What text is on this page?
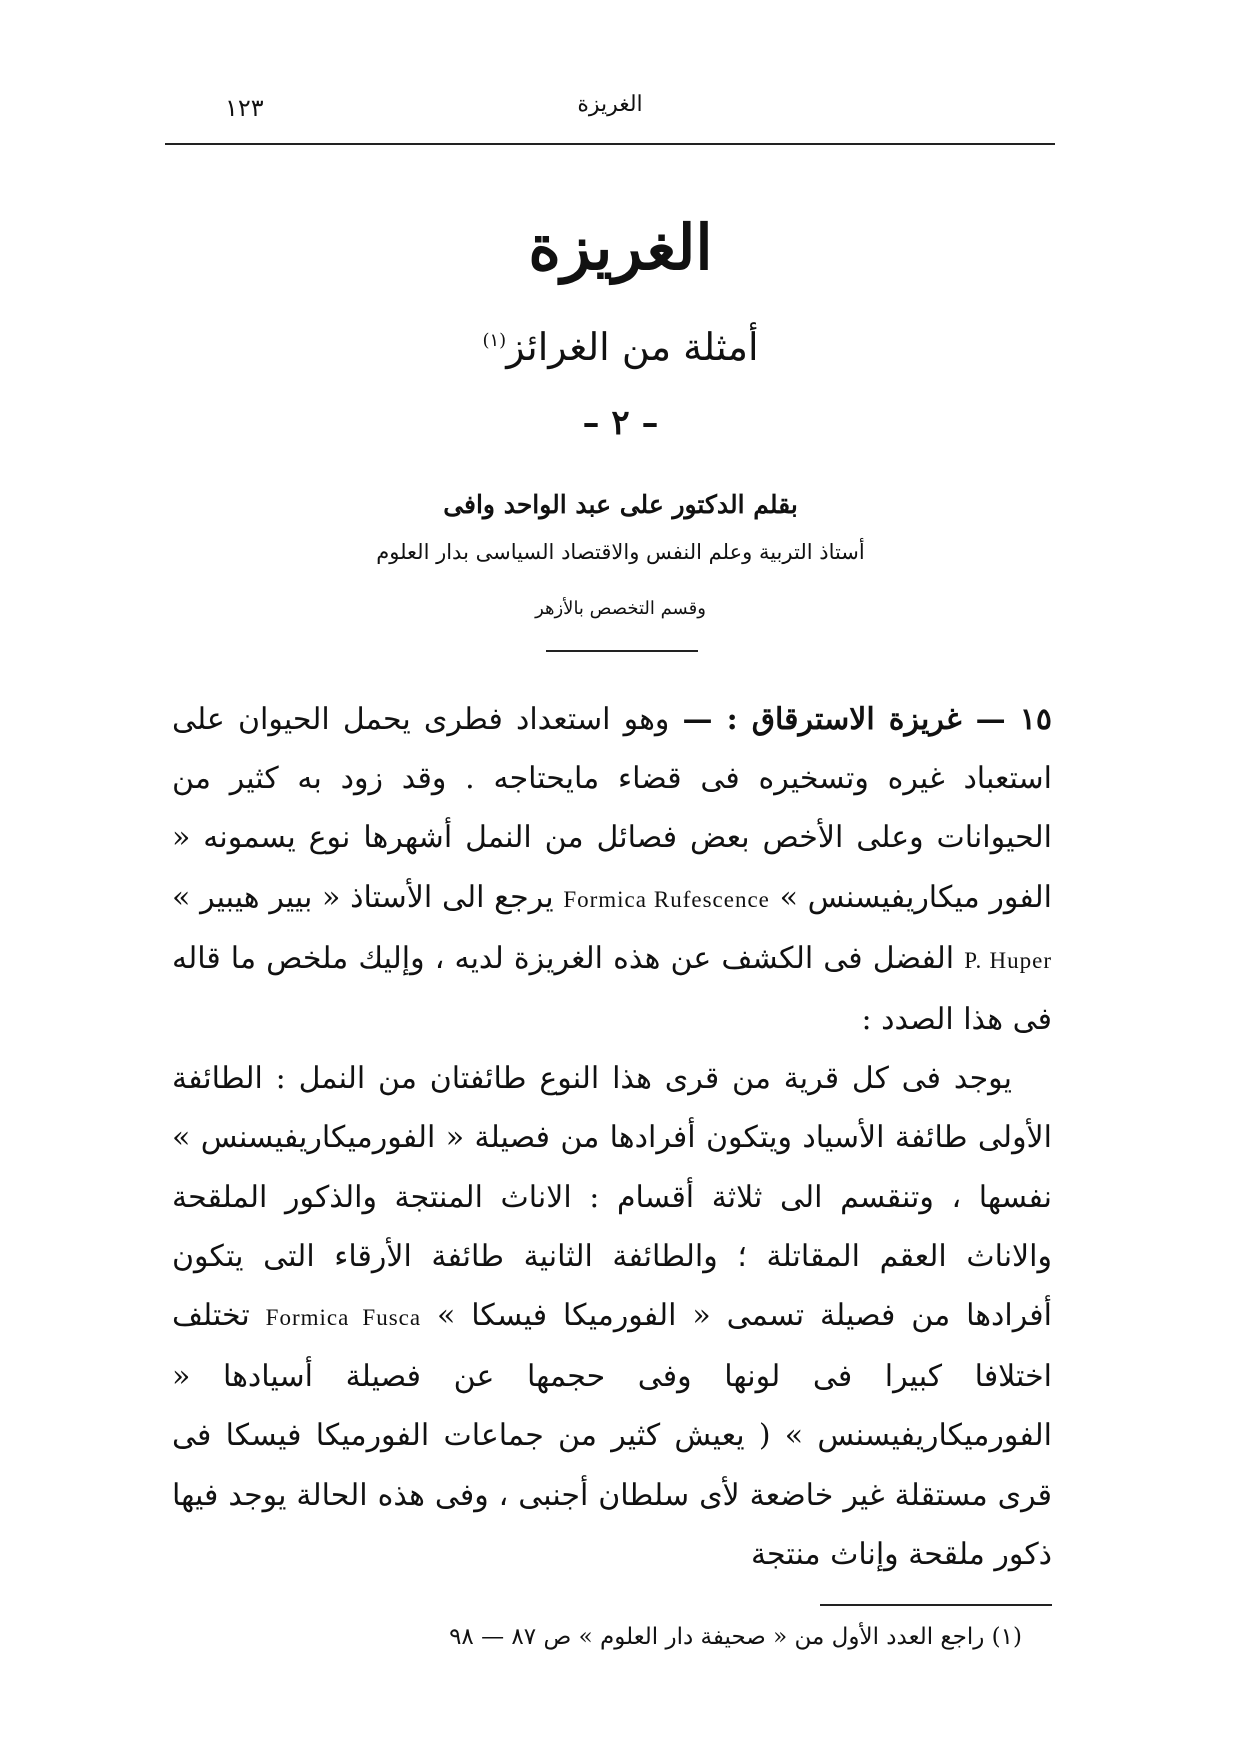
الغريزة
١٢٣
الغريزة
أمثلة من الغرائز$^{(١)}$
– ٢ –
بقلم الدكتور على عبد الواحد وافى
أستاذ التربية وعلم النفس والاقتصاد السياسى بدار العلوم
وقسم التخصص بالأزهر

١٥ — غريزة الاسترقاق : — وهو استعداد فطرى يحمل الحيوان على استعباد غيره وتسخيره فى قضاء مايحتاجه . وقد زود به كثير من الحيوانات وعلى الأخص بعض فصائل من النمل أشهرها نوع يسمونه « الفور ميكاريفيسنس » Formica Rufescence يرجع الى الأستاذ « بيير هيبير » P. Huper الفضل فى الكشف عن هذه الغريزة لديه ، وإليك ملخص ما قاله فى هذا الصدد :

يوجد فى كل قرية من قرى هذا النوع طائفتان من النمل : الطائفة الأولى طائفة الأسياد ويتكون أفرادها من فصيلة « الفورميكاريفيسنس » نفسها ، وتنقسم الى ثلاثة أقسام : الاناث المنتجة والذكور الملقحة والاناث العقم المقاتلة ؛ والطائفة الثانية طائفة الأرقاء التى يتكون أفرادها من فصيلة تسمى « الفورميكا فيسكا » Formica Fusca تختلف اختلافا كبيرا فى لونها وفى حجمها عن فصيلة أسيادها « الفورميكاريفيسنس » ( يعيش كثير من جماعات الفورميكا فيسكا فى قرى مستقلة غير خاضعة لأى سلطان أجنبى ، وفى هذه الحالة يوجد فيها ذكور ملقحة وإناث منتجة

(١) راجع العدد الأول من « صحيفة دار العلوم » ص ٨٧ — ٩٨
